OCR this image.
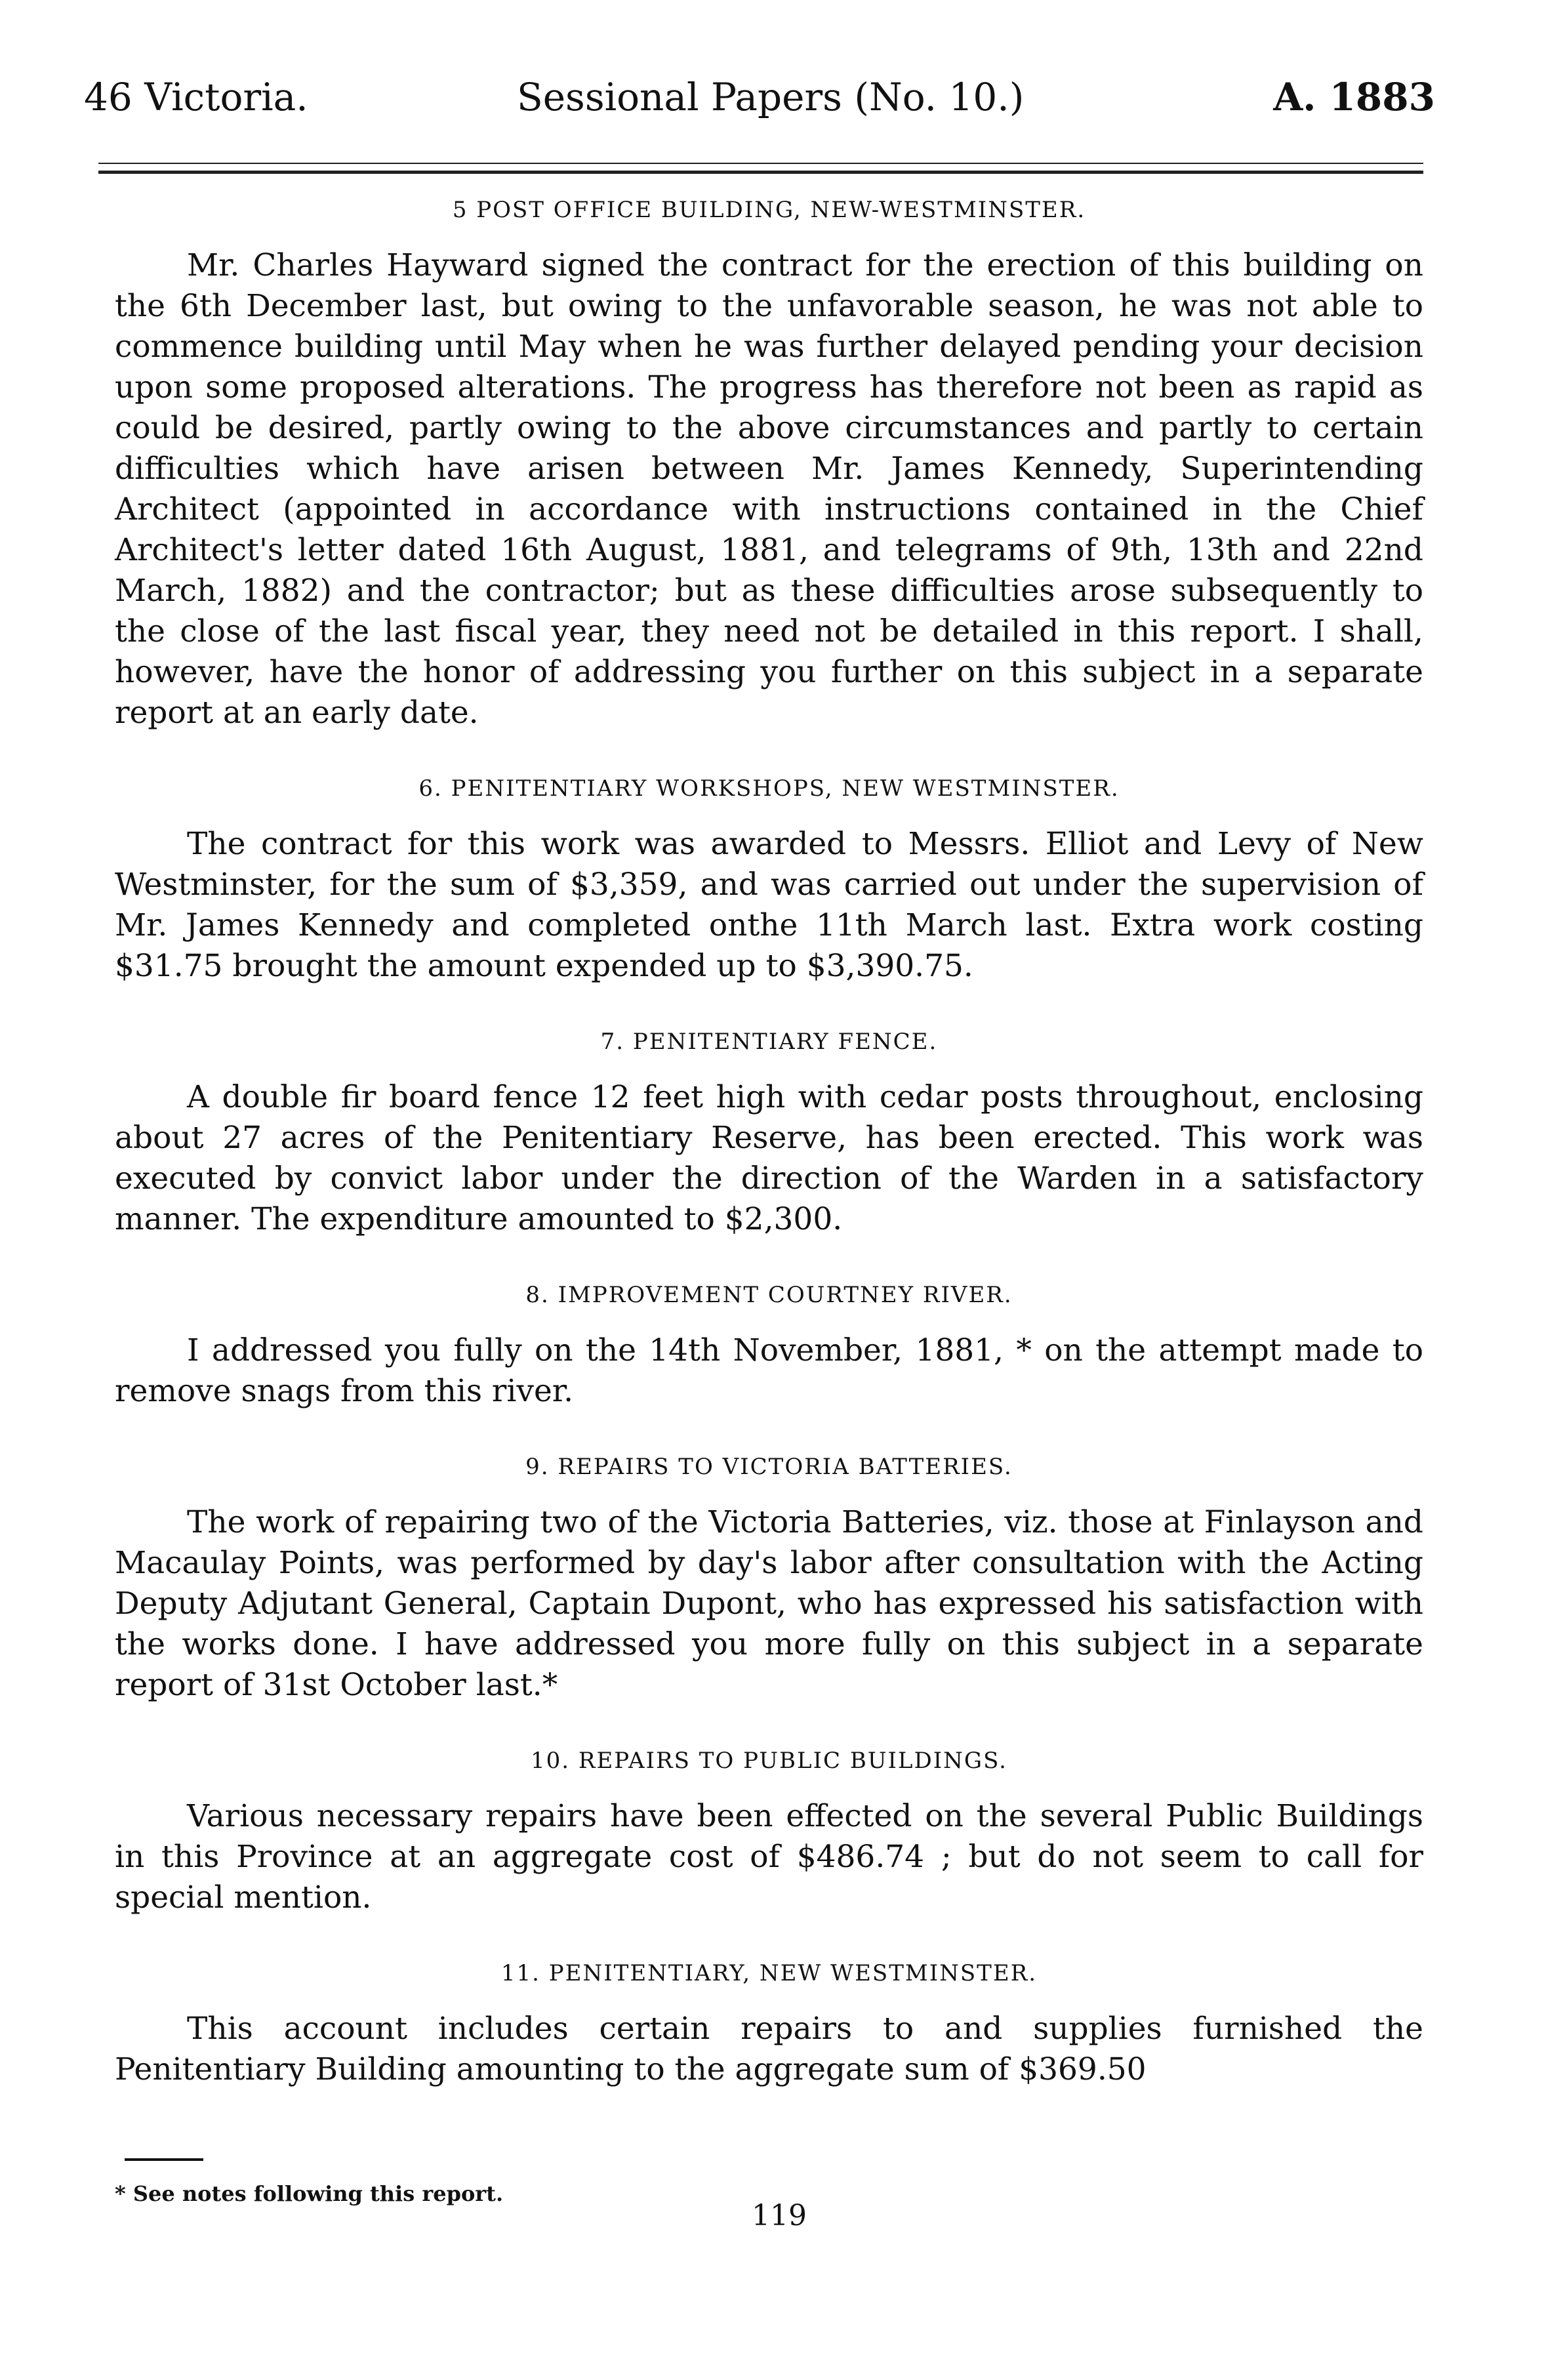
46 Victoria.	Sessional Papers (No. 10.)	A. 1883
5 POST OFFICE BUILDING, NEW-WESTMINSTER.

Mr. Charles Hayward signed the contract for the erection of this building on the 6th December last, but owing to the unfavorable season, he was not able to commence building until May when he was further delayed pending your decision upon some proposed alterations. The progress has therefore not been as rapid as could be desired, partly owing to the above circumstances and partly to certain difficulties which have arisen between Mr. James Kennedy, Superintending Architect (appointed in accordance with instructions contained in the Chief Architect's letter dated 16th August, 1881, and telegrams of 9th, 13th and 22nd March, 1882) and the contractor; but as these difficulties arose subsequently to the close of the last fiscal year, they need not be detailed in this report. I shall, however, have the honor of addressing you further on this subject in a separate report at an early date.

6. PENITENTIARY WORKSHOPS, NEW WESTMINSTER.

The contract for this work was awarded to Messrs. Elliot and Levy of New Westminster, for the sum of $3,359, and was carried out under the supervision of Mr. James Kennedy and completed onthe 11th March last. Extra work costing $31.75 brought the amount expended up to $3,390.75.

7. PENITENTIARY FENCE.

A double fir board fence 12 feet high with cedar posts throughout, enclosing about 27 acres of the Penitentiary Reserve, has been erected. This work was executed by convict labor under the direction of the Warden in a satisfactory manner. The expenditure amounted to $2,300.

8. IMPROVEMENT COURTNEY RIVER.

I addressed you fully on the 14th November, 1881, * on the attempt made to remove snags from this river.

9. REPAIRS TO VICTORIA BATTERIES.

The work of repairing two of the Victoria Batteries, viz. those at Finlayson and Macaulay Points, was performed by day's labor after consultation with the Acting Deputy Adjutant General, Captain Dupont, who has expressed his satisfaction with the works done. I have addressed you more fully on this subject in a separate report of 31st October last.*

10. REPAIRS TO PUBLIC BUILDINGS.

Various necessary repairs have been effected on the several Public Buildings in this Province at an aggregate cost of $486.74 ; but do not seem to call for special mention.

11. PENITENTIARY, NEW WESTMINSTER.

This account includes certain repairs to and supplies furnished the Penitentiary Building amounting to the aggregate sum of $369.50

* See notes following this report.
119
